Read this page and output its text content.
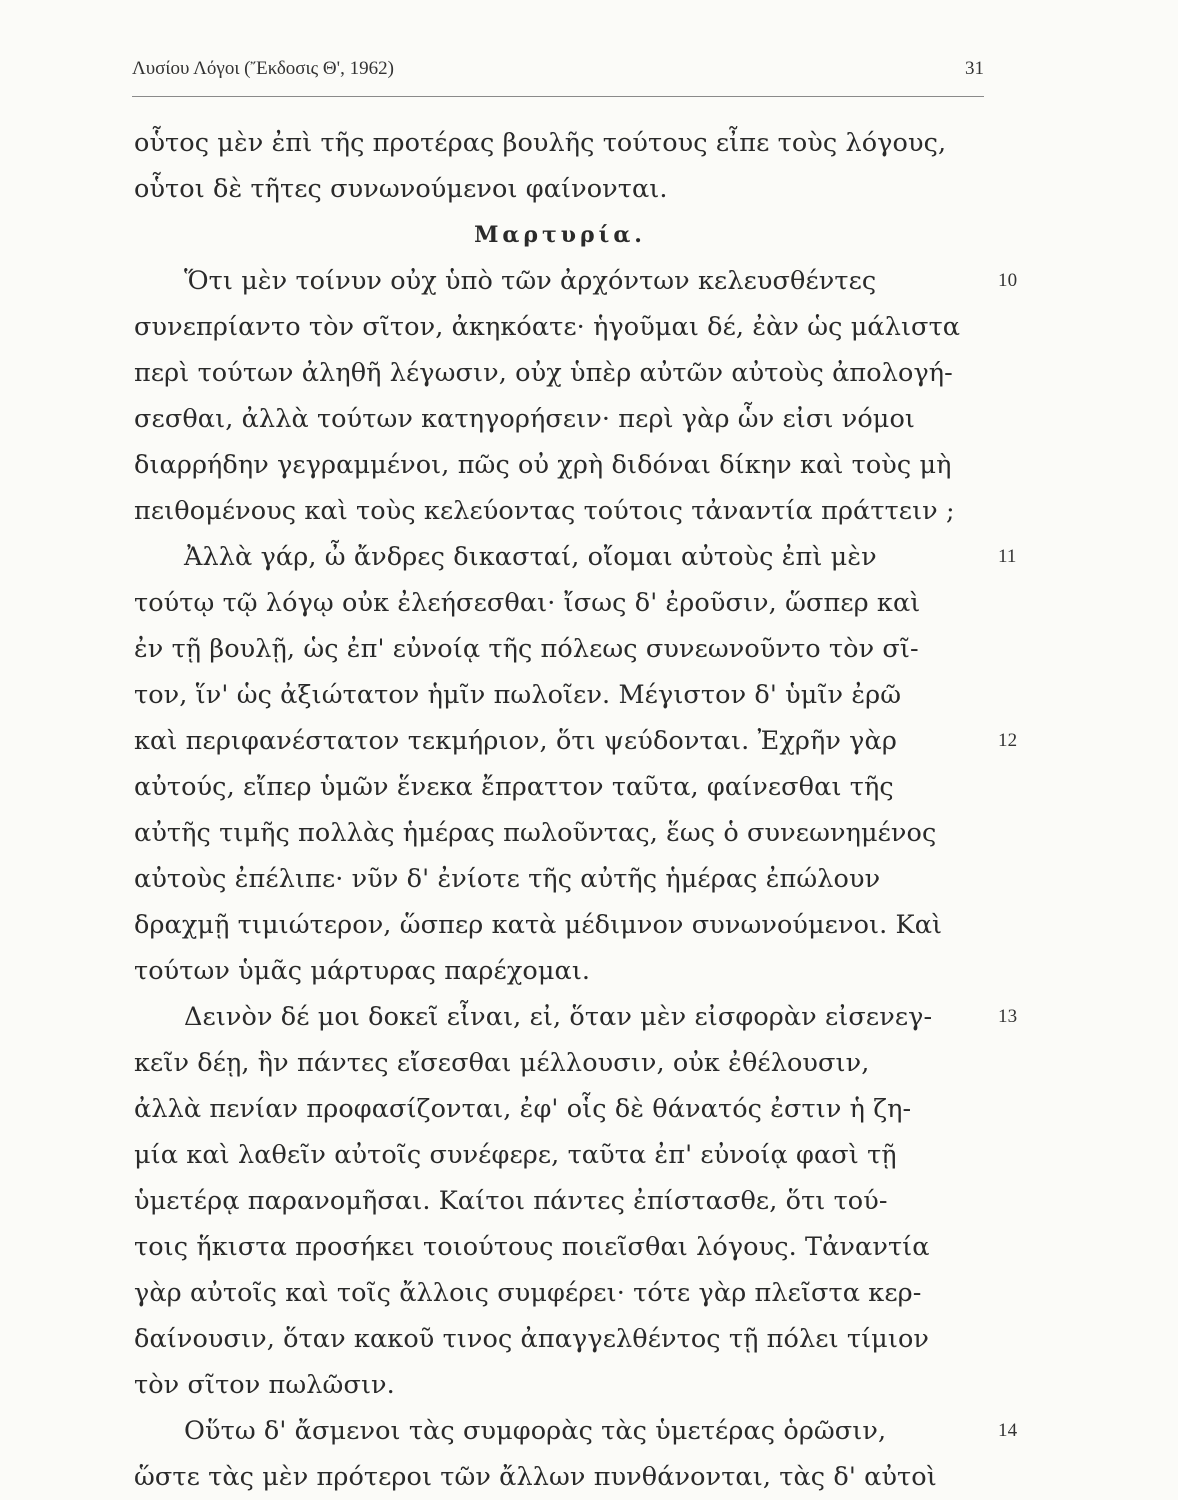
Λυσίου Λόγοι (Ἔκδοσις Θ', 1962)	31
οὗτος μὲν ἐπὶ τῆς προτέρας βουλῆς τούτους εἶπε τοὺς λόγους,
οὗτοι δὲ τῆτες συνωνούμενοι φαίνονται.
Μαρτυρία.
Ὅτι μὲν τοίνυν οὐχ ὑπὸ τῶν ἀρχόντων κελευσθέντες	10
συνεπρίαντο τὸν σῖτον, ἀκηκόατε· ἡγοῦμαι δέ, ἐὰν ὡς μάλιστα
περὶ τούτων ἀληθῆ λέγωσιν, οὐχ ὑπὲρ αὐτῶν αὐτοὺς ἀπολογή-
σεσθαι, ἀλλὰ τούτων κατηγορήσειν· περὶ γὰρ ὧν εἰσι νόμοι
διαρρήδην γεγραμμένοι, πῶς οὐ χρὴ διδόναι δίκην καὶ τοὺς μὴ
πειθομένους καὶ τοὺς κελεύοντας τούτοις τἀναντία πράττειν ;
Ἀλλὰ γάρ, ὦ ἄνδρες δικασταί, οἴομαι αὐτοὺς ἐπὶ μὲν	11
τούτῳ τῷ λόγῳ οὐκ ἐλεήσεσθαι· ἴσως δ' ἐροῦσιν, ὥσπερ καὶ
ἐν τῇ βουλῇ, ὡς ἐπ' εὐνοίᾳ τῆς πόλεως συνεωνοῦντο τὸν σῖ-
τον, ἵν' ὡς ἀξιώτατον ἡμῖν πωλοῖεν. Μέγιστον δ' ὑμῖν ἐρῶ
καὶ περιφανέστατον τεκμήριον, ὅτι ψεύδονται. Ἐχρῆν γὰρ	12
αὐτούς, εἴπερ ὑμῶν ἕνεκα ἔπραττον ταῦτα, φαίνεσθαι τῆς
αὐτῆς τιμῆς πολλὰς ἡμέρας πωλοῦντας, ἕως ὁ συνεωνημένος
αὐτοὺς ἐπέλιπε· νῦν δ' ἐνίοτε τῆς αὐτῆς ἡμέρας ἐπώλουν
δραχμῇ τιμιώτερον, ὥσπερ κατὰ μέδιμνον συνωνούμενοι. Καὶ
τούτων ὑμᾶς μάρτυρας παρέχομαι.
Δεινὸν δέ μοι δοκεῖ εἶναι, εἰ, ὅταν μὲν εἰσφορὰν εἰσενεγ-	13
κεῖν δέῃ, ἣν πάντες εἴσεσθαι μέλλουσιν, οὐκ ἐθέλουσιν,
ἀλλὰ πενίαν προφασίζονται, ἐφ' οἷς δὲ θάνατός ἐστιν ἡ ζη-
μία καὶ λαθεῖν αὐτοῖς συνέφερε, ταῦτα ἐπ' εὐνοίᾳ φασὶ τῇ
ὑμετέρᾳ παρανομῆσαι. Καίτοι πάντες ἐπίστασθε, ὅτι τού-
τοις ἥκιστα προσήκει τοιούτους ποιεῖσθαι λόγους. Τἀναντία
γὰρ αὐτοῖς καὶ τοῖς ἄλλοις συμφέρει· τότε γὰρ πλεῖστα κερ-
δαίνουσιν, ὅταν κακοῦ τινος ἀπαγγελθέντος τῇ πόλει τίμιον
τὸν σῖτον πωλῶσιν.
Οὕτω δ' ἄσμενοι τὰς συμφορὰς τὰς ὑμετέρας ὁρῶσιν,	14
ὥστε τὰς μὲν πρότεροι τῶν ἄλλων πυνθάνονται, τὰς δ' αὐτοὶ
